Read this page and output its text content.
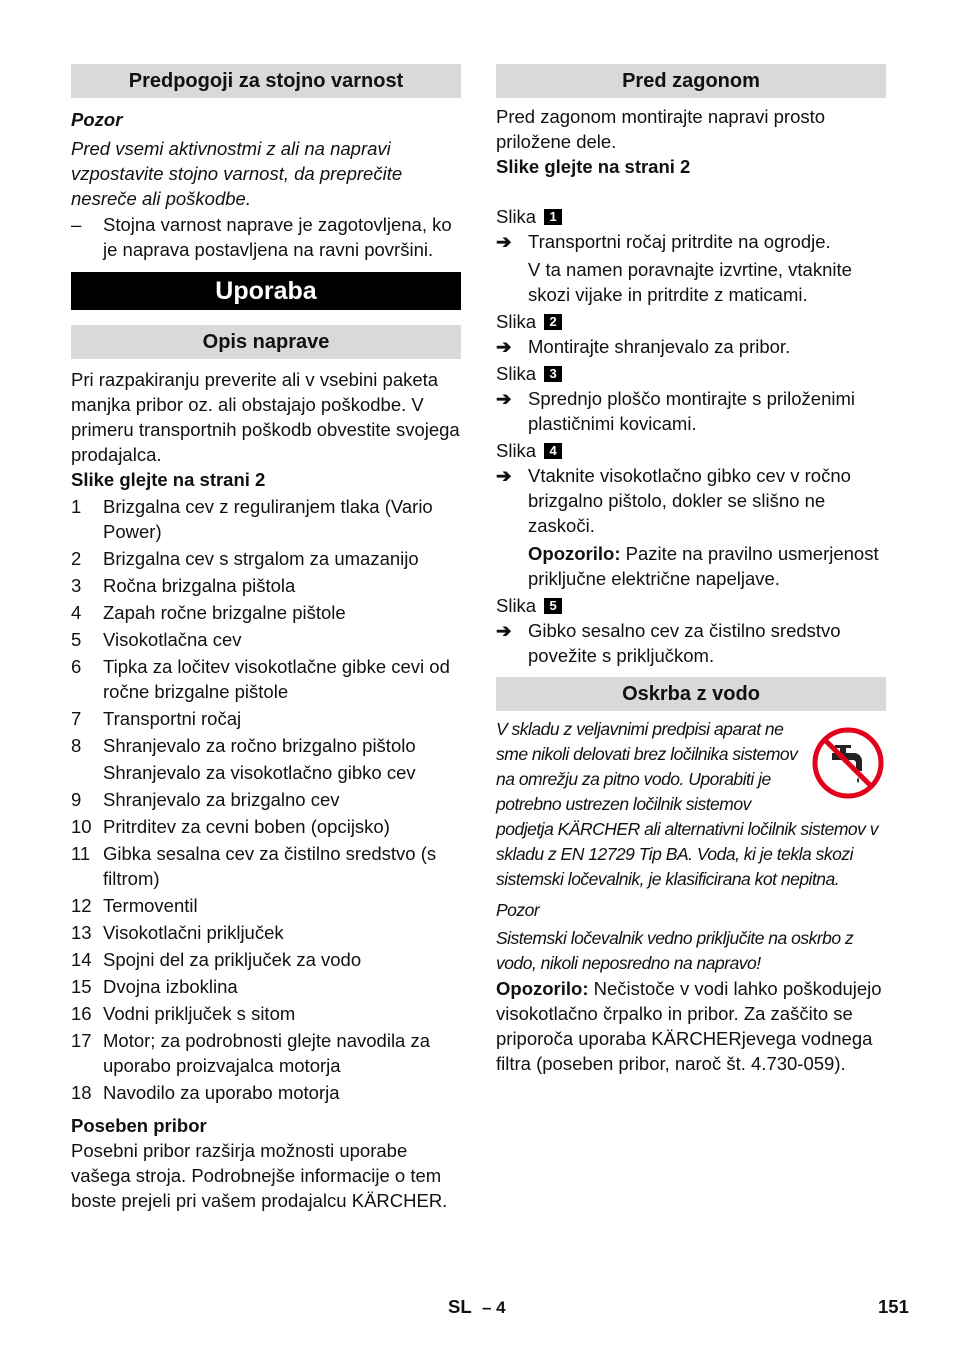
Predpogoji za stojno varnost

Pozor

Pred vsemi aktivnostmi z ali na napravi vzpostavite stojno varnost, da preprečite nesreče ali poškodbe.

–	Stojna varnost naprave je zagotovljena, ko je naprava postavljena na ravni površini.
Uporaba
Opis naprave

Pri razpakiranju preverite ali v vsebini paketa manjka pribor oz. ali obstajajo poškodbe. V primeru transportnih poškodb obvestite svojega prodajalca.

Slike glejte na strani 2

1	Brizgalna cev z reguliranjem tlaka (Vario Power)
2	Brizgalna cev s strgalom za umazanijo
3	Ročna brizgalna pištola
4	Zapah ročne brizgalne pištole
5	Visokotlačna cev
6	Tipka za ločitev visokotlačne gibke cevi od ročne brizgalne pištole
7	Transportni ročaj
8	Shranjevalo za ročno brizgalno pištolo
Shranjevalo za visokotlačno gibko cev
9	Shranjevalo za brizgalno cev
10 Pritrditev za cevni boben (opcijsko)
11 Gibka sesalna cev za čistilno sredstvo (s filtrom)
12 Termoventil
13 Visokotlačni priključek
14 Spojni del za priključek za vodo
15 Dvojna izboklina
16 Vodni priključek s sitom
17 Motor; za podrobnosti glejte navodila za uporabo proizvajalca motorja
18 Navodilo za uporabo motorja

Poseben pribor

Posebni pribor razširja možnosti uporabe vašega stroja. Podrobnejše informacije o tem boste prejeli pri vašem prodajalcu KÄRCHER.

Pred zagonom

Pred zagonom montirajte napravi prosto priložene dele.

Slike glejte na strani 2

Slika	1
➔ Transportni ročaj pritrdite na ogrodje.

V ta namen poravnajte izvrtine, vtaknite skozi vijake in pritrdite z maticami.

Slika	2
➔ Montirajte shranjevalo za pribor.
Slika	3
➔ Sprednjo ploščo montirajte s priloženimi plastičnimi kovicami.
Slika	4
➔ Vtaknite visokotlačno gibko cev v ročno brizgalno pištolo, dokler se slišno ne zaskoči.

Opozorilo: Pazite na pravilno usmerjenost priključne električne napeljave.

Slika	5
➔ Gibko sesalno cev za čistilno sredstvo povežite s priključkom.
Oskrba z vodo

V skladu z veljavnimi predpisi aparat ne sme nikoli delovati brez ločilnika sistemov na omrežju za pitno vodo. Uporabiti je potrebno ustrezen ločilnik sistemov podjetja KÄRCHER ali alternativni ločilnik sistemov v skladu z EN 12729 Tip BA. Voda, ki je tekla skozi sistemski ločevalnik, je klasificirana kot nepitna.

Pozor

Sistemski ločevalnik vedno priključite na oskrbo z vodo, nikoli neposredno na napravo!

Opozorilo: Nečistoče v vodi lahko poškodujejo visokotlačno črpalko in pribor. Za zaščito se priporoča uporaba KÄRCHERjevega vodnega filtra (poseben pribor, naroč št. 4.730-059).

SL – 4	151
